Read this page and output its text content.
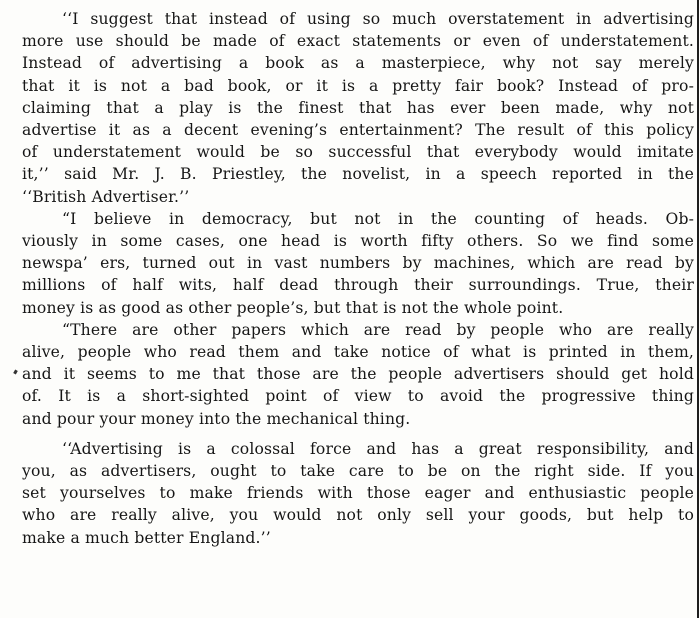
‘‘I suggest that instead of using so much overstatement in advertising
more use should be made of exact statements or even of understatement.
Instead of advertising a book as a masterpiece, why not say merely
that it is not a bad book, or it is a pretty fair book? Instead of pro-
claiming that a play is the finest that has ever been made, why not
advertise it as a decent evening’s entertainment? The result of this policy
of understatement would be so successful that everybody would imitate
it,’’ said Mr. J. B. Priestley, the novelist, in a speech reported in the
‘‘British Advertiser.’’
“I believe in democracy, but not in the counting of heads. Ob-
viously in some cases, one head is worth fifty others. So we find some
newspa’ еrs, turned out in vast numbers by machines, which are read by
millions of half wits, half dead through their surroundings. True, their
money is as good as other people’s, but that is not the whole point.
“There are other papers which are read by people who are really
alive, people who read them and take notice of what is printed in them,
and it seems to me that those are the people advertisers should get hold
of. It is a short-sighted point of view to avoid the progressive thing
and pour your money into the mechanical thing.
‘‘Advertising is a colossal force and has a great responsibility, and
you, as advertisers, ought to take care to be on the right side. If you
set yourselves to make friends with those eager and enthusiastic people
who are really alive, you would not only sell your goods, but help to
make a much better England.’’
